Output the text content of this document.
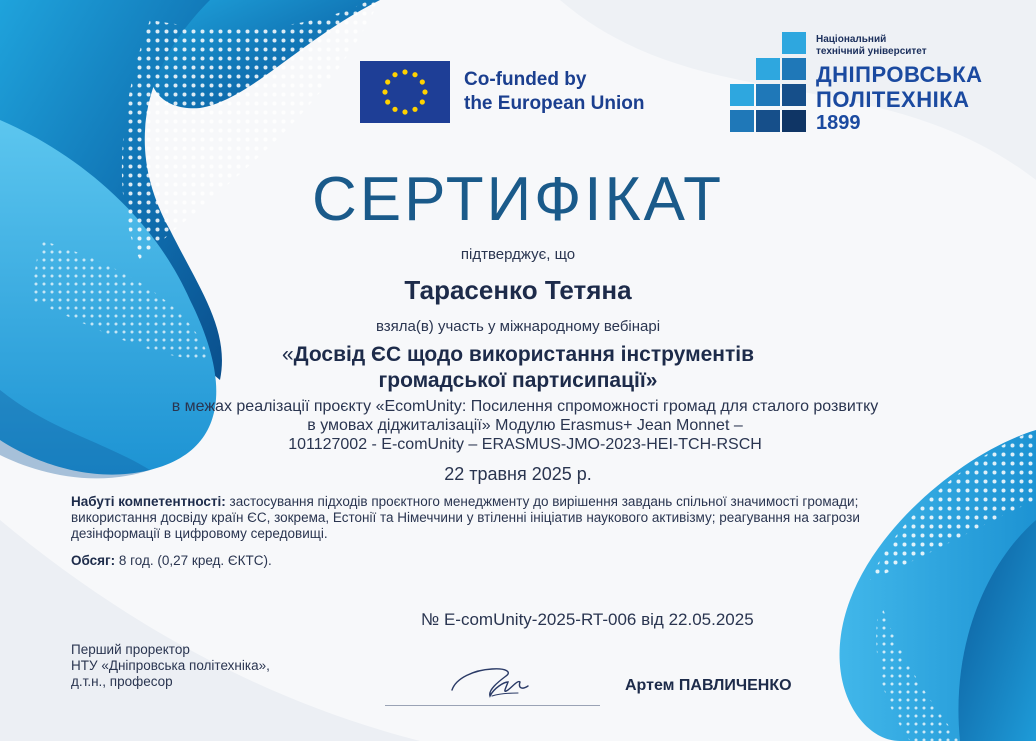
Co-funded by
the European Union
Національний
технічний університет
ДНІПРОВСЬКА
ПОЛІТЕХНІКА
1899
СЕРТИФІКАТ
підтверджує, що
Тарасенко Тетяна
взяла(в) участь у міжнародному вебінарі
«Досвід ЄС щодо використання інструментів
громадської партисипації»
в межах реалізації проєкту «EcomUnity: Посилення спроможності громад для сталого розвитку
в умовах діджиталізації» Модулю Erasmus+ Jean Monnet –
101127002 - E-comUnity – ERASMUS-JMO-2023-HEI-TCH-RSCH
22 травня 2025 р.
Набуті компетентності: застосування підходів проєктного менеджменту до вирішення завдань спільної значимості громади; використання досвіду країн ЄС, зокрема, Естонії та Німеччини у втіленні ініціатив наукового активізму; реагування на загрози дезінформації в цифровому середовищі.
Обсяг: 8 год. (0,27 кред. ЄКТС).
№ E-comUnity-2025-RT-006 від 22.05.2025
Перший проректор
НТУ «Дніпровська політехніка»,
д.т.н., професор	Артем ПАВЛИЧЕНКО
